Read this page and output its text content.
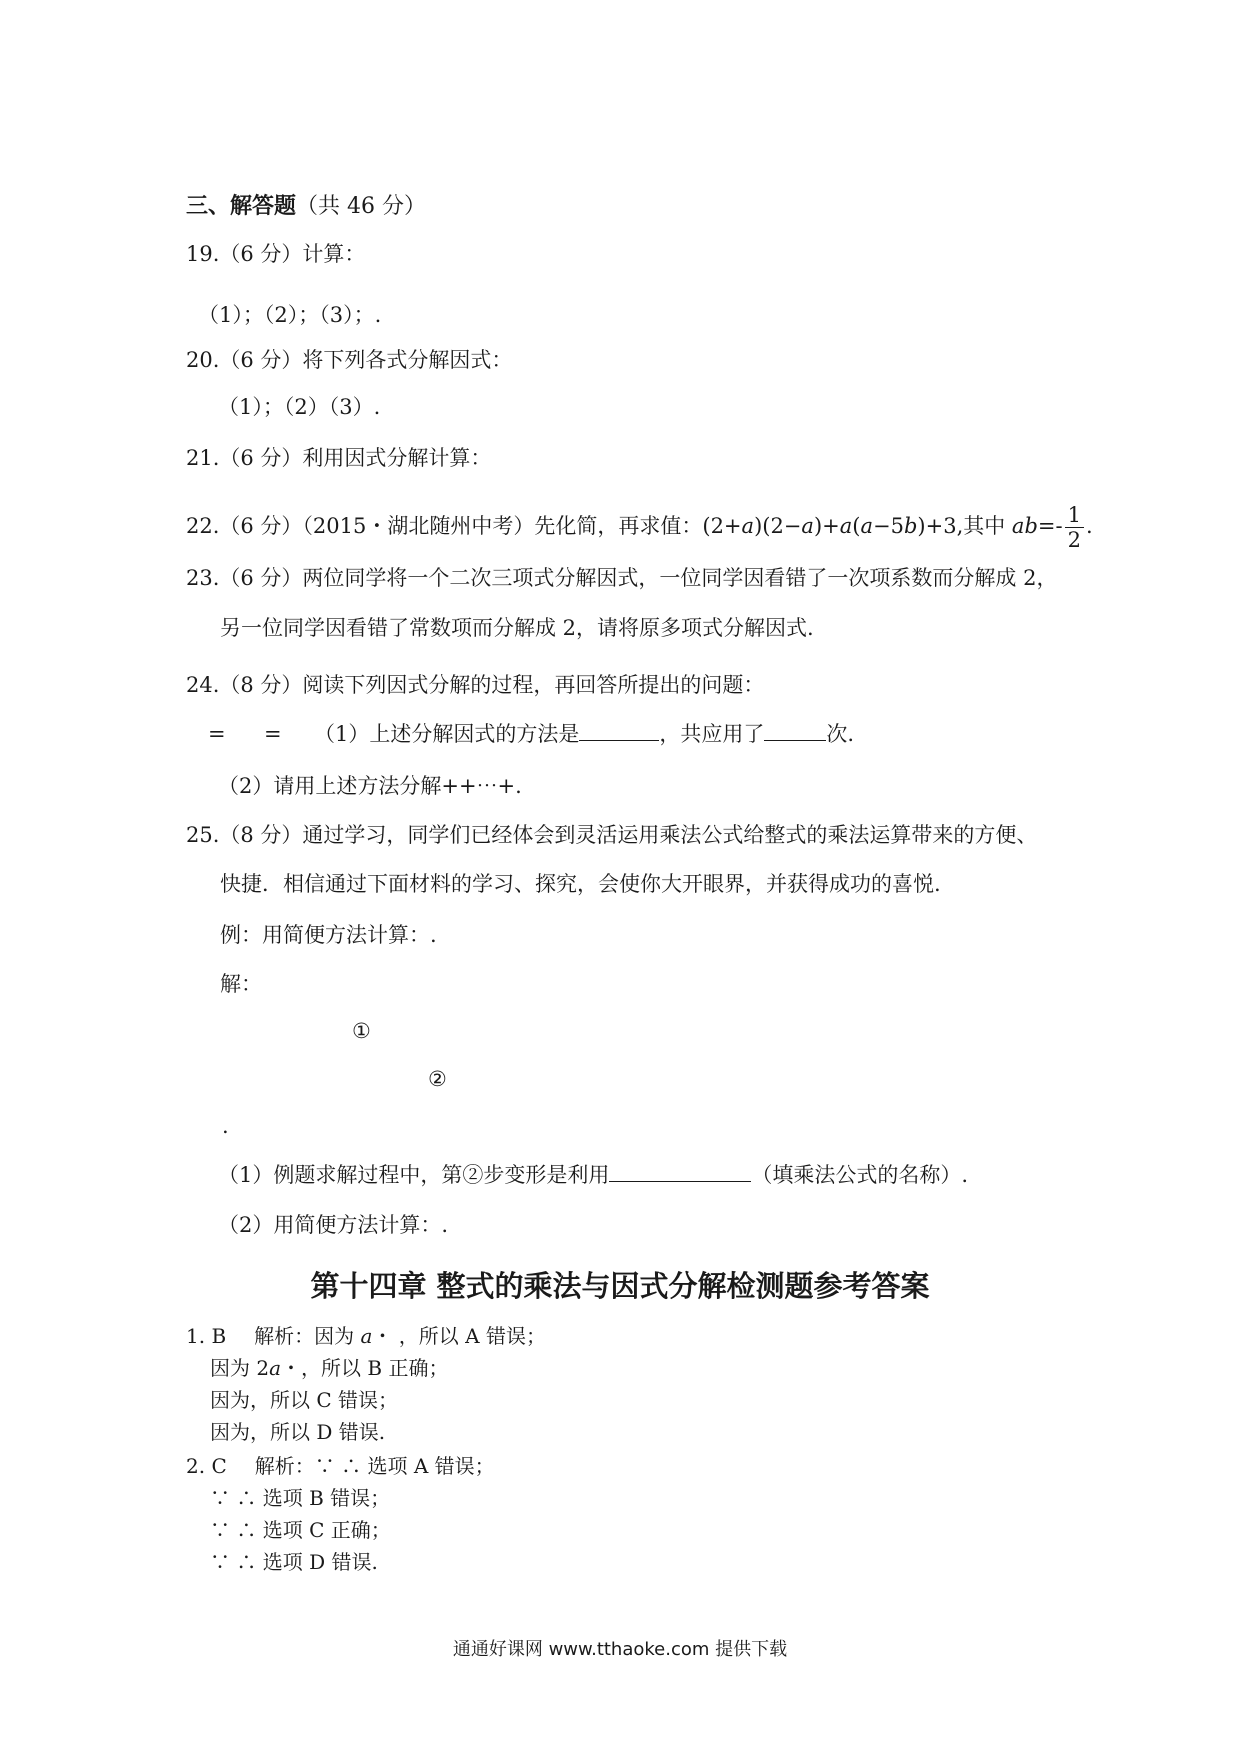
三、解答题（共 46 分）
19.（6 分）计算：
（1）；（2）；（3）；.
20.（6 分）将下列各式分解因式：
（1）；（2）（3）.
21.（6 分）利用因式分解计算：
22.（6 分）（2015・湖北随州中考）先化简，再求值：(2+a)(2−a)+a(a−5b)+3,其中 $ab=- \frac{1}{2}$ .
23.（6 分）两位同学将一个二次三项式分解因式，一位同学因看错了一次项系数而分解成 2，
另一位同学因看错了常数项而分解成 2，请将原多项式分解因式.
24.（8 分）阅读下列因式分解的过程，再回答所提出的问题：
= = （1）上述分解因式的方法是	，共应用了	次.
（2）请用上述方法分解++⋯+.
25.（8 分）通过学习，同学们已经体会到灵活运用乘法公式给整式的乘法运算带来的方便、
快捷．相信通过下面材料的学习、探究，会使你大开眼界，并获得成功的喜悦.
例：用简便方法计算：.
解：
①
②
.
（1）例题求解过程中，第②步变形是利用	（填乘法公式的名称）.
（2）用简便方法计算：.
第十四章 整式的乘法与因式分解检测题参考答案
1. B 解析：因为 a・ ，所以 A 错误；
因为 2a・，所以 B 正确；
因为，所以 C 错误；
因为，所以 D 错误.
2. C 解析：∵ ∴ 选项 A 错误；
∵ ∴ 选项 B 错误；
∵ ∴ 选项 C 正确；
∵ ∴ 选项 D 错误.
通通好课网 www.tthaoke.com 提供下载
